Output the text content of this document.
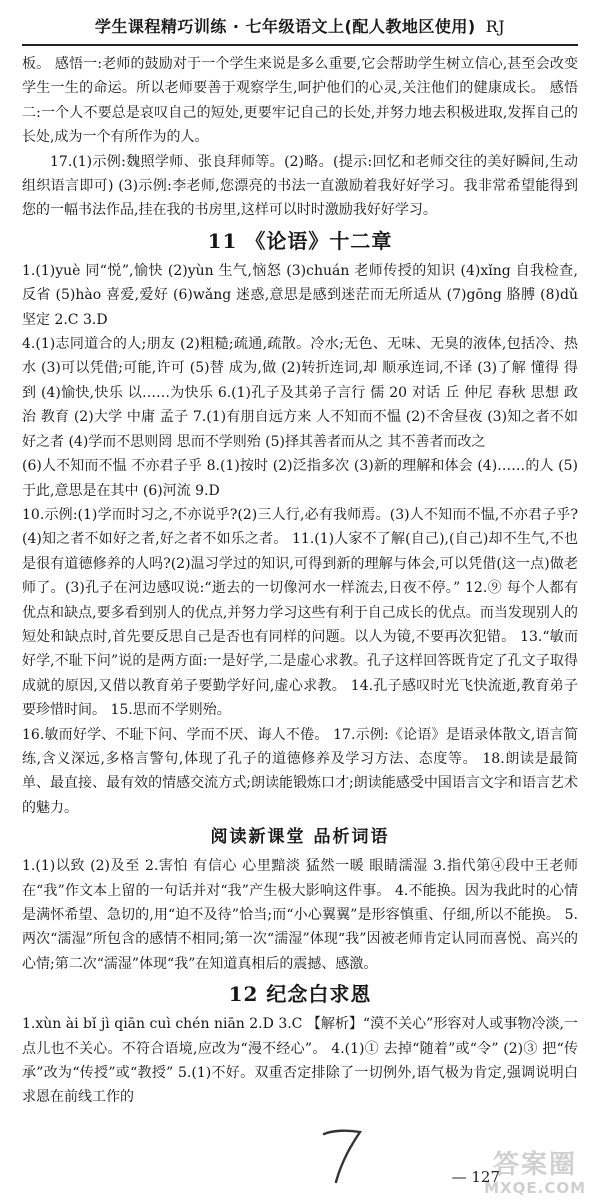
学生课程精巧训练 · 七年级语文上(配人教地区使用) RJ

板。 感悟一:老师的鼓励对于一个学生来说是多么重要,它会帮助学生树立信心,甚至会改变学生一生的命运。所以老师要善于观察学生,呵护他们的心灵,关注他们的健康成长。 感悟二:一个人不要总是哀叹自己的短处,更要牢记自己的长处,并努力地去积极进取,发挥自己的长处,成为一个有所作为的人。

17.(1)示例:魏照学师、张良拜师等。(2)略。(提示:回忆和老师交往的美好瞬间,生动组织语言即可) (3)示例:李老师,您漂亮的书法一直激励着我好好学习。我非常希望能得到您的一幅书法作品,挂在我的书房里,这样可以时时激励我好好学习。

11 《论语》十二章

1.(1)yuè 同“悦”,愉快 (2)yùn 生气,恼怒 (3)chuán 老师传授的知识 (4)xǐng 自我检查,反省 (5)hào 喜爱,爱好 (6)wǎng 迷惑,意思是感到迷茫而无所适从 (7)gōng 胳膊 (8)dǔ 坚定 2.C 3.D

4.(1)志同道合的人;朋友 (2)粗糙;疏通,疏散。冷水;无色、无味、无臭的液体,包括冷、热水 (3)可以凭借;可能,许可 (5)替 成为,做 (2)转折连词,却 顺承连词,不译 (3)了解 懂得 得到 (4)愉快,快乐 以……为快乐 6.(1)孔子及其弟子言行 儒 20 对话 丘 仲尼 春秋 思想 政治 教育 (2)大学 中庸 孟子 7.(1)有朋自远方来 人不知而不愠 (2)不舍昼夜 (3)知之者不如好之者 (4)学而不思则罔 思而不学则殆 (5)择其善者而从之 其不善者而改之

(6)人不知而不愠 不亦君子乎 8.(1)按时 (2)泛指多次 (3)新的理解和体会 (4)……的人 (5)于此,意思是在其中 (6)河流 9.D

10.示例:(1)学而时习之,不亦说乎?(2)三人行,必有我师焉。(3)人不知而不愠,不亦君子乎?(4)知之者不如好之者,好之者不如乐之者。 11.(1)人家不了解(自己),(自己)却不生气,不也是很有道德修养的人吗?(2)温习学过的知识,可得到新的理解与体会,可以凭借(这一点)做老师了。(3)孔子在河边感叹说:“逝去的一切像河水一样流去,日夜不停。” 12.⑨ 每个人都有优点和缺点,要多看到别人的优点,并努力学习这些有利于自己成长的优点。而当发现别人的短处和缺点时,首先要反思自己是否也有同样的问题。以人为镜,不要再次犯错。 13.“敏而好学,不耻下问”说的是两方面:一是好学,二是虚心求教。孔子这样回答既肯定了孔文子取得成就的原因,又借以教育弟子要勤学好问,虚心求教。 14.孔子感叹时光飞快流逝,教育弟子要珍惜时间。 15.思而不学则殆。

16.敏而好学、不耻下问、学而不厌、诲人不倦。 17.示例:《论语》是语录体散文,语言简练,含义深远,多格言警句,体现了孔子的道德修养及学习方法、态度等。 18.朗读是最简单、最直接、最有效的情感交流方式;朗读能锻炼口才;朗读能感受中国语言文字和语言艺术的魅力。

阅读新课堂 品析词语

1.(1)以致 (2)及至 2.害怕 有信心 心里黯淡 猛然一暖 眼睛濡湿 3.指代第④段中王老师在“我”作文本上留的一句话并对“我”产生极大影响这件事。 4.不能换。因为我此时的心情是满怀希望、急切的,用“迫不及待”恰当;而“小心翼翼”是形容慎重、仔细,所以不能换。 5.两次“濡湿”所包含的感情不相同;第一次“濡湿”体现“我”因被老师肯定认同而喜悦、高兴的心情;第二次“濡湿”体现“我”在知道真相后的震撼、感激。

12 纪念白求恩

1.xùn ài bǐ jì qiān cuì chén niān 2.D 3.C 【解析】“漠不关心”形容对人或事物冷淡,一点儿也不关心。不符合语境,应改为“漫不经心”。 4.(1)① 去掉“随着”或“令” (2)③ 把“传承”改为“传授”或“教授” 5.(1)不好。双重否定排除了一切例外,语气极为肯定,强调说明白求恩在前线工作的

— 127
答案圈
MXQE.COM
